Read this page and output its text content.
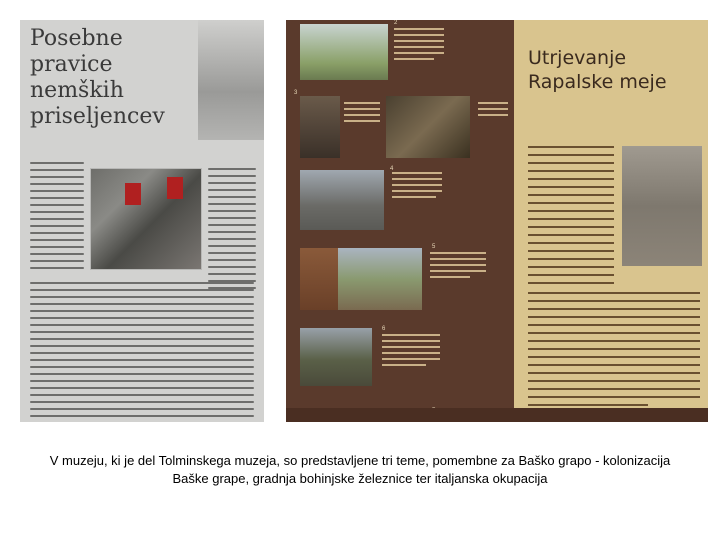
Posebne
pravice
nemških
priseljencev
2
3
4
5
6
Utrjevanje
Rapalske meje
V muzeju, ki je del Tolminskega muzeja, so predstavljene tri teme, pomembne za Baško grapo - kolonizacija Baške grape, gradnja bohinjske železnice ter italjanska okupacija
